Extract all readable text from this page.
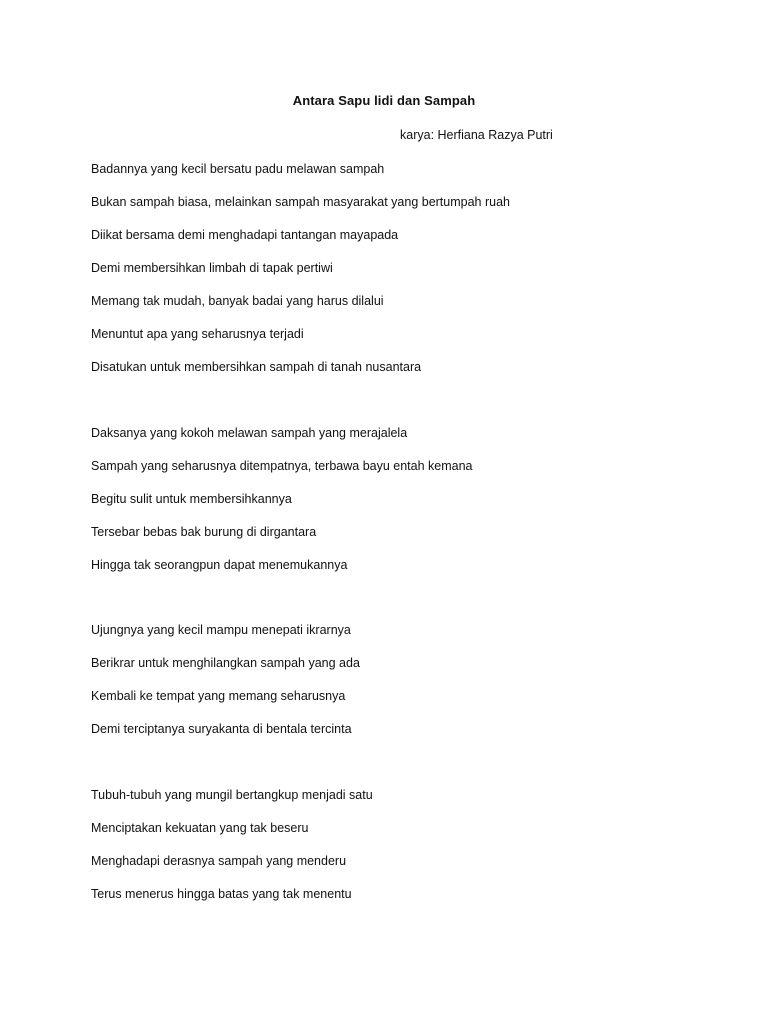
Antara Sapu lidi dan Sampah
karya: Herfiana Razya Putri
Badannya yang kecil bersatu padu melawan sampah
Bukan sampah biasa, melainkan sampah masyarakat yang bertumpah ruah
Diikat bersama demi menghadapi tantangan mayapada
Demi membersihkan limbah di tapak pertiwi
Memang tak mudah, banyak badai yang harus dilalui
Menuntut apa yang seharusnya terjadi
Disatukan untuk membersihkan sampah di tanah nusantara
Daksanya yang kokoh melawan sampah yang merajalela
Sampah yang seharusnya ditempatnya, terbawa bayu entah kemana
Begitu sulit untuk membersihkannya
Tersebar bebas bak burung di dirgantara
Hingga tak seorangpun dapat menemukannya
Ujungnya yang kecil mampu menepati ikrarnya
Berikrar untuk menghilangkan sampah yang ada
Kembali ke tempat yang memang seharusnya
Demi terciptanya suryakanta di bentala tercinta
Tubuh-tubuh yang mungil bertangkup menjadi satu
Menciptakan kekuatan yang tak beseru
Menghadapi derasnya sampah yang menderu
Terus menerus hingga batas yang tak menentu
